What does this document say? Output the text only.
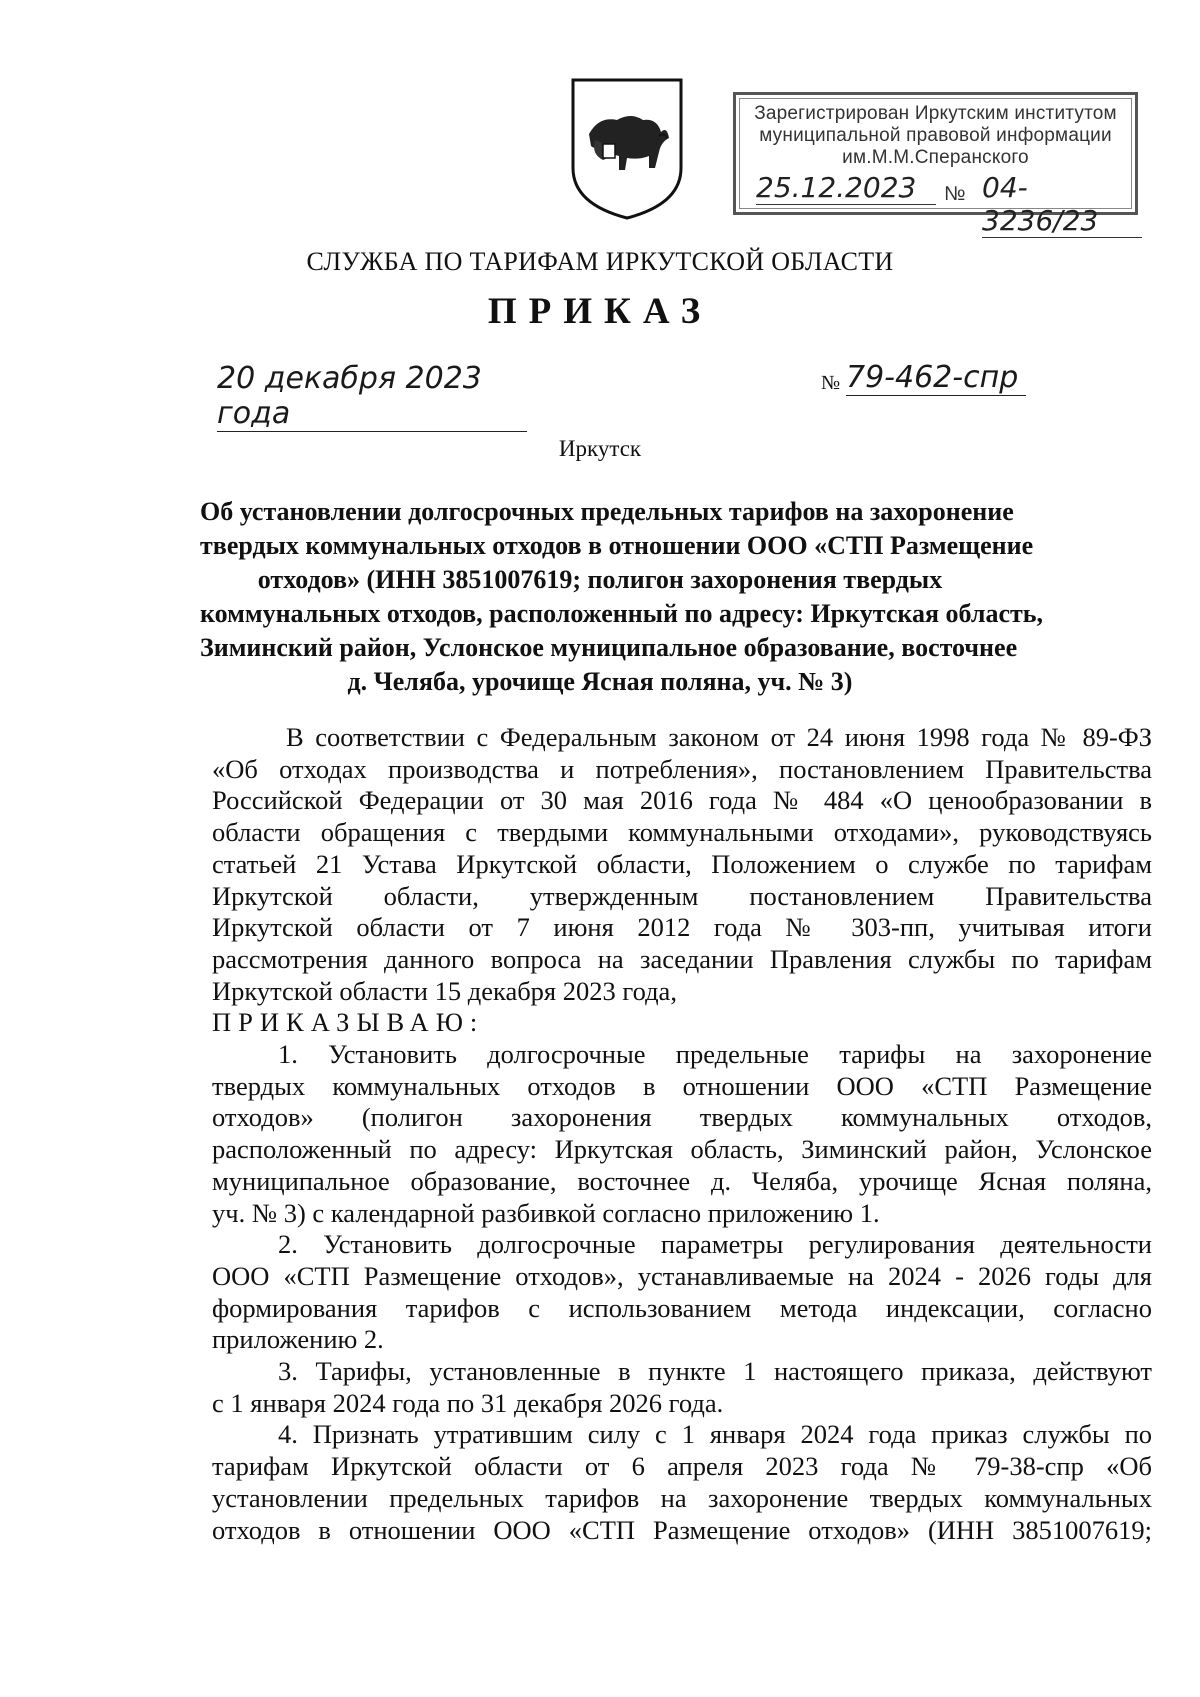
Зарегистрирован Иркутским институтом
муниципальной правовой информации
им.М.М.Сперанского
25.12.2023	№ 04-3236/23
СЛУЖБА ПО ТАРИФАМ ИРКУТСКОЙ ОБЛАСТИ
ПРИКАЗ
20 декабря 2023 года
№ 79-462-спр
Иркутск
Об установлении долгосрочных предельных тарифов на захоронение
твердых коммунальных отходов в отношении ООО «СТП Размещение
отходов» (ИНН 3851007619; полигон захоронения твердых
коммунальных отходов, расположенный по адресу: Иркутская область,
Зиминский район, Услонское муниципальное образование, восточнее
д. Челяба, урочище Ясная поляна, уч. № 3)
В соответствии с Федеральным законом от 24 июня 1998 года № 89-ФЗ
«Об отходах производства и потребления», постановлением Правительства
Российской Федерации от 30 мая 2016 года № 484 «О ценообразовании в
области обращения с твердыми коммунальными отходами», руководствуясь
статьей 21 Устава Иркутской области, Положением о службе по тарифам
Иркутской области, утвержденным постановлением Правительства
Иркутской области от 7 июня 2012 года № 303-пп, учитывая итоги
рассмотрения данного вопроса на заседании Правления службы по тарифам
Иркутской области 15 декабря 2023 года,
ПРИКАЗЫВАЮ:
1. Установить долгосрочные предельные тарифы на захоронение
твердых коммунальных отходов в отношении ООО «СТП Размещение
отходов» (полигон захоронения твердых коммунальных отходов,
расположенный по адресу: Иркутская область, Зиминский район, Услонское
муниципальное образование, восточнее д. Челяба, урочище Ясная поляна,
уч. № 3) с календарной разбивкой согласно приложению 1.
2. Установить долгосрочные параметры регулирования деятельности
ООО «СТП Размещение отходов», устанавливаемые на 2024 - 2026 годы для
формирования тарифов с использованием метода индексации, согласно
приложению 2.
3. Тарифы, установленные в пункте 1 настоящего приказа, действуют
с 1 января 2024 года по 31 декабря 2026 года.
4. Признать утратившим силу с 1 января 2024 года приказ службы по
тарифам Иркутской области от 6 апреля 2023 года № 79-38-спр «Об
установлении предельных тарифов на захоронение твердых коммунальных
отходов в отношении ООО «СТП Размещение отходов» (ИНН 3851007619;
